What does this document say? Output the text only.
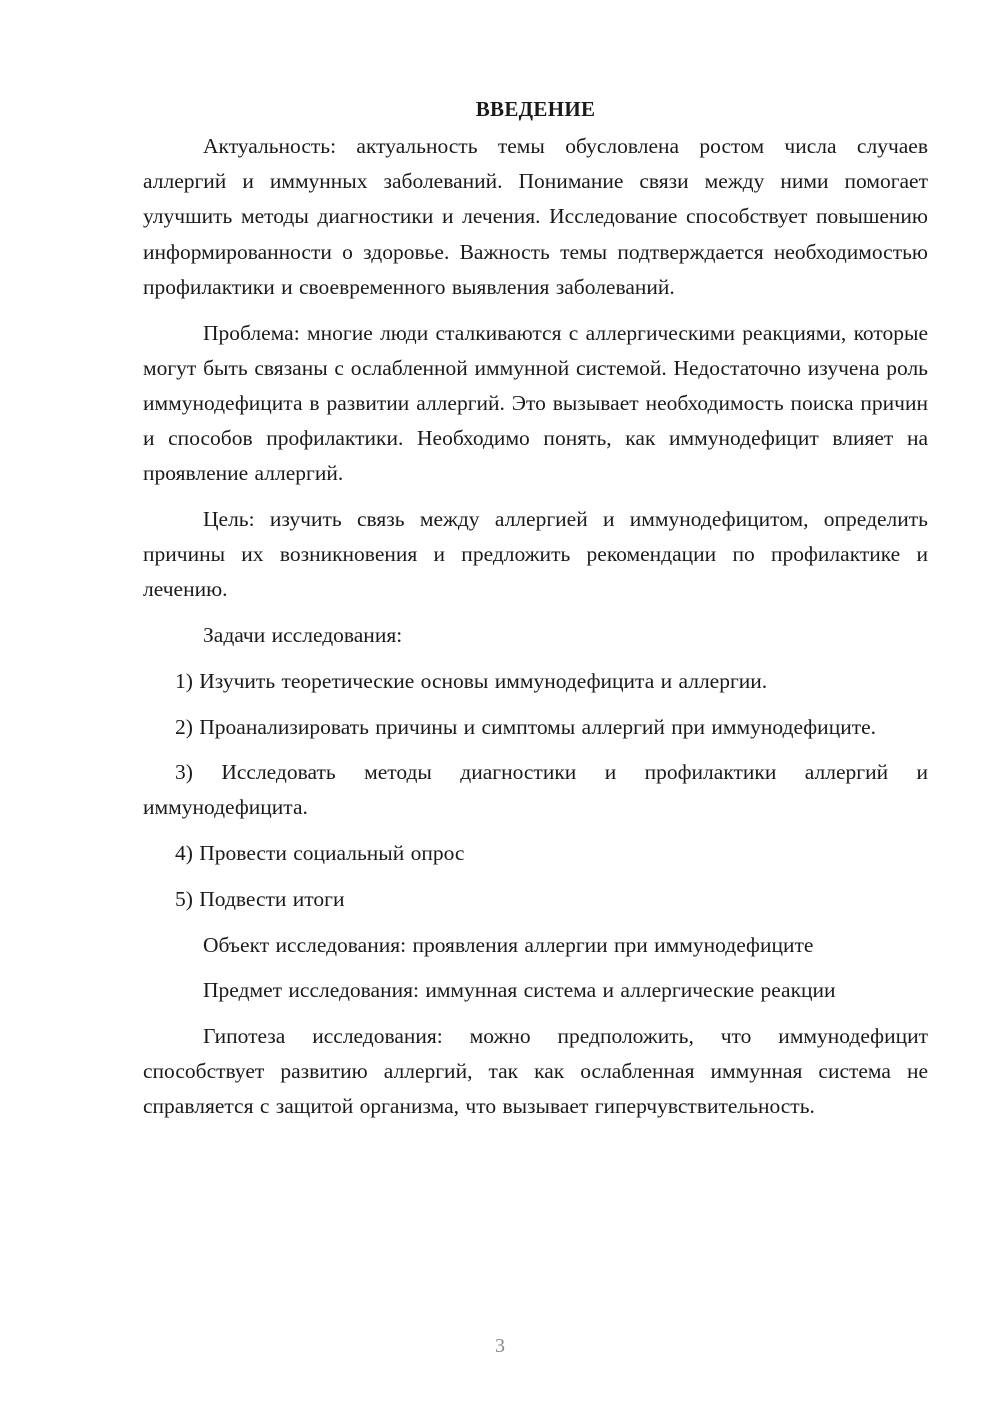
ВВЕДЕНИЕ

Актуальность: актуальность темы обусловлена ростом числа случаев аллергий и иммунных заболеваний. Понимание связи между ними помогает улучшить методы диагностики и лечения. Исследование способствует повышению информированности о здоровье. Важность темы подтверждается необходимостью профилактики и своевременного выявления заболеваний.

Проблема: многие люди сталкиваются с аллергическими реакциями, которые могут быть связаны с ослабленной иммунной системой. Недостаточно изучена роль иммунодефицита в развитии аллергий. Это вызывает необходимость поиска причин и способов профилактики. Необходимо понять, как иммунодефицит влияет на проявление аллергий.

Цель: изучить связь между аллергией и иммунодефицитом, определить причины их возникновения и предложить рекомендации по профилактике и лечению.

Задачи исследования:

1) Изучить теоретические основы иммунодефицита и аллергии.

2) Проанализировать причины и симптомы аллергий при иммунодефиците.

3) Исследовать методы диагностики и профилактики аллергий и иммунодефицита.

4) Провести социальный опрос

5) Подвести итоги

Объект исследования: проявления аллергии при иммунодефиците

Предмет исследования: иммунная система и аллергические реакции

Гипотеза исследования: можно предположить, что иммунодефицит способствует развитию аллергий, так как ослабленная иммунная система не справляется с защитой организма, что вызывает гиперчувствительность.

3
